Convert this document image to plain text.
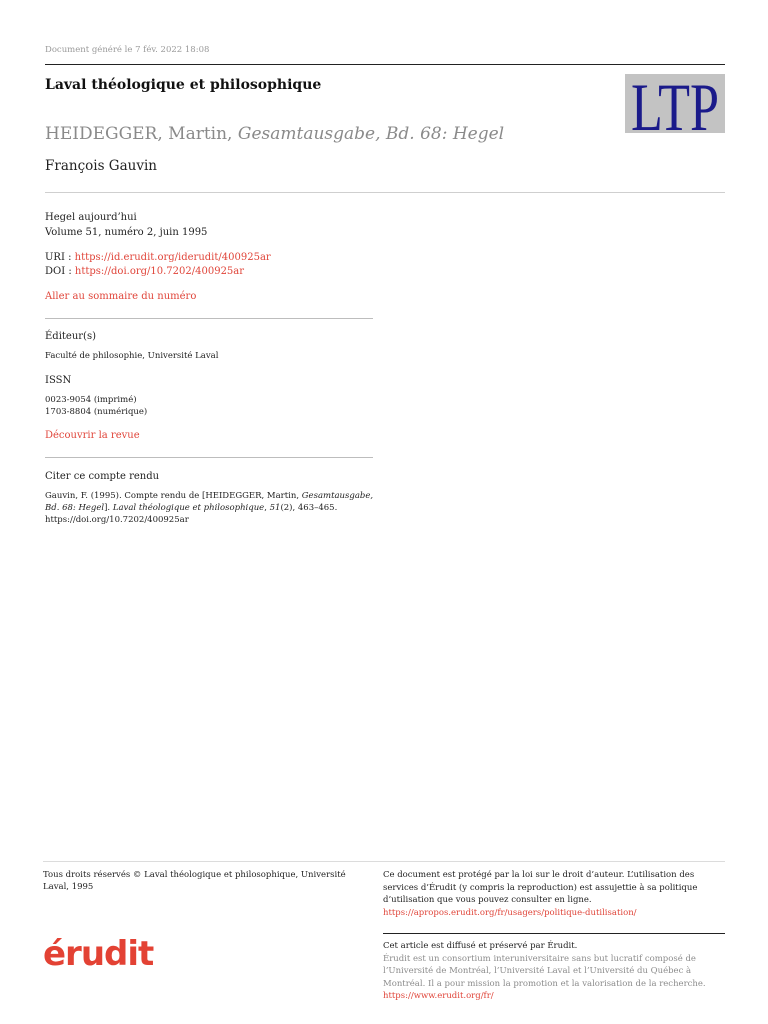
Document généré le 7 fév. 2022 18:08
Laval théologique et philosophique	LTP
HEIDEGGER, Martin, Gesamtausgabe, Bd. 68: Hegel
François Gauvin
Hegel aujourd’hui
Volume 51, numéro 2, juin 1995
URI : https://id.erudit.org/iderudit/400925ar
DOI : https://doi.org/10.7202/400925ar
Aller au sommaire du numéro
Éditeur(s)
Faculté de philosophie, Université Laval
ISSN
0023-9054 (imprimé)
1703-8804 (numérique)
Découvrir la revue
Citer ce compte rendu
Gauvin, F. (1995). Compte rendu de [HEIDEGGER, Martin, Gesamtausgabe, Bd. 68: Hegel]. Laval théologique et philosophique, 51(2), 463–465.
https://doi.org/10.7202/400925ar
Tous droits réservés © Laval théologique et philosophique, Université Laval, 1995
Ce document est protégé par la loi sur le droit d’auteur. L’utilisation des services d’Érudit (y compris la reproduction) est assujettie à sa politique d’utilisation que vous pouvez consulter en ligne.
https://apropos.erudit.org/fr/usagers/politique-dutilisation/
érudit	Cet article est diffusé et préservé par Érudit.
Érudit est un consortium interuniversitaire sans but lucratif composé de l’Université de Montréal, l’Université Laval et l’Université du Québec à Montréal. Il a pour mission la promotion et la valorisation de la recherche.
https://www.erudit.org/fr/
